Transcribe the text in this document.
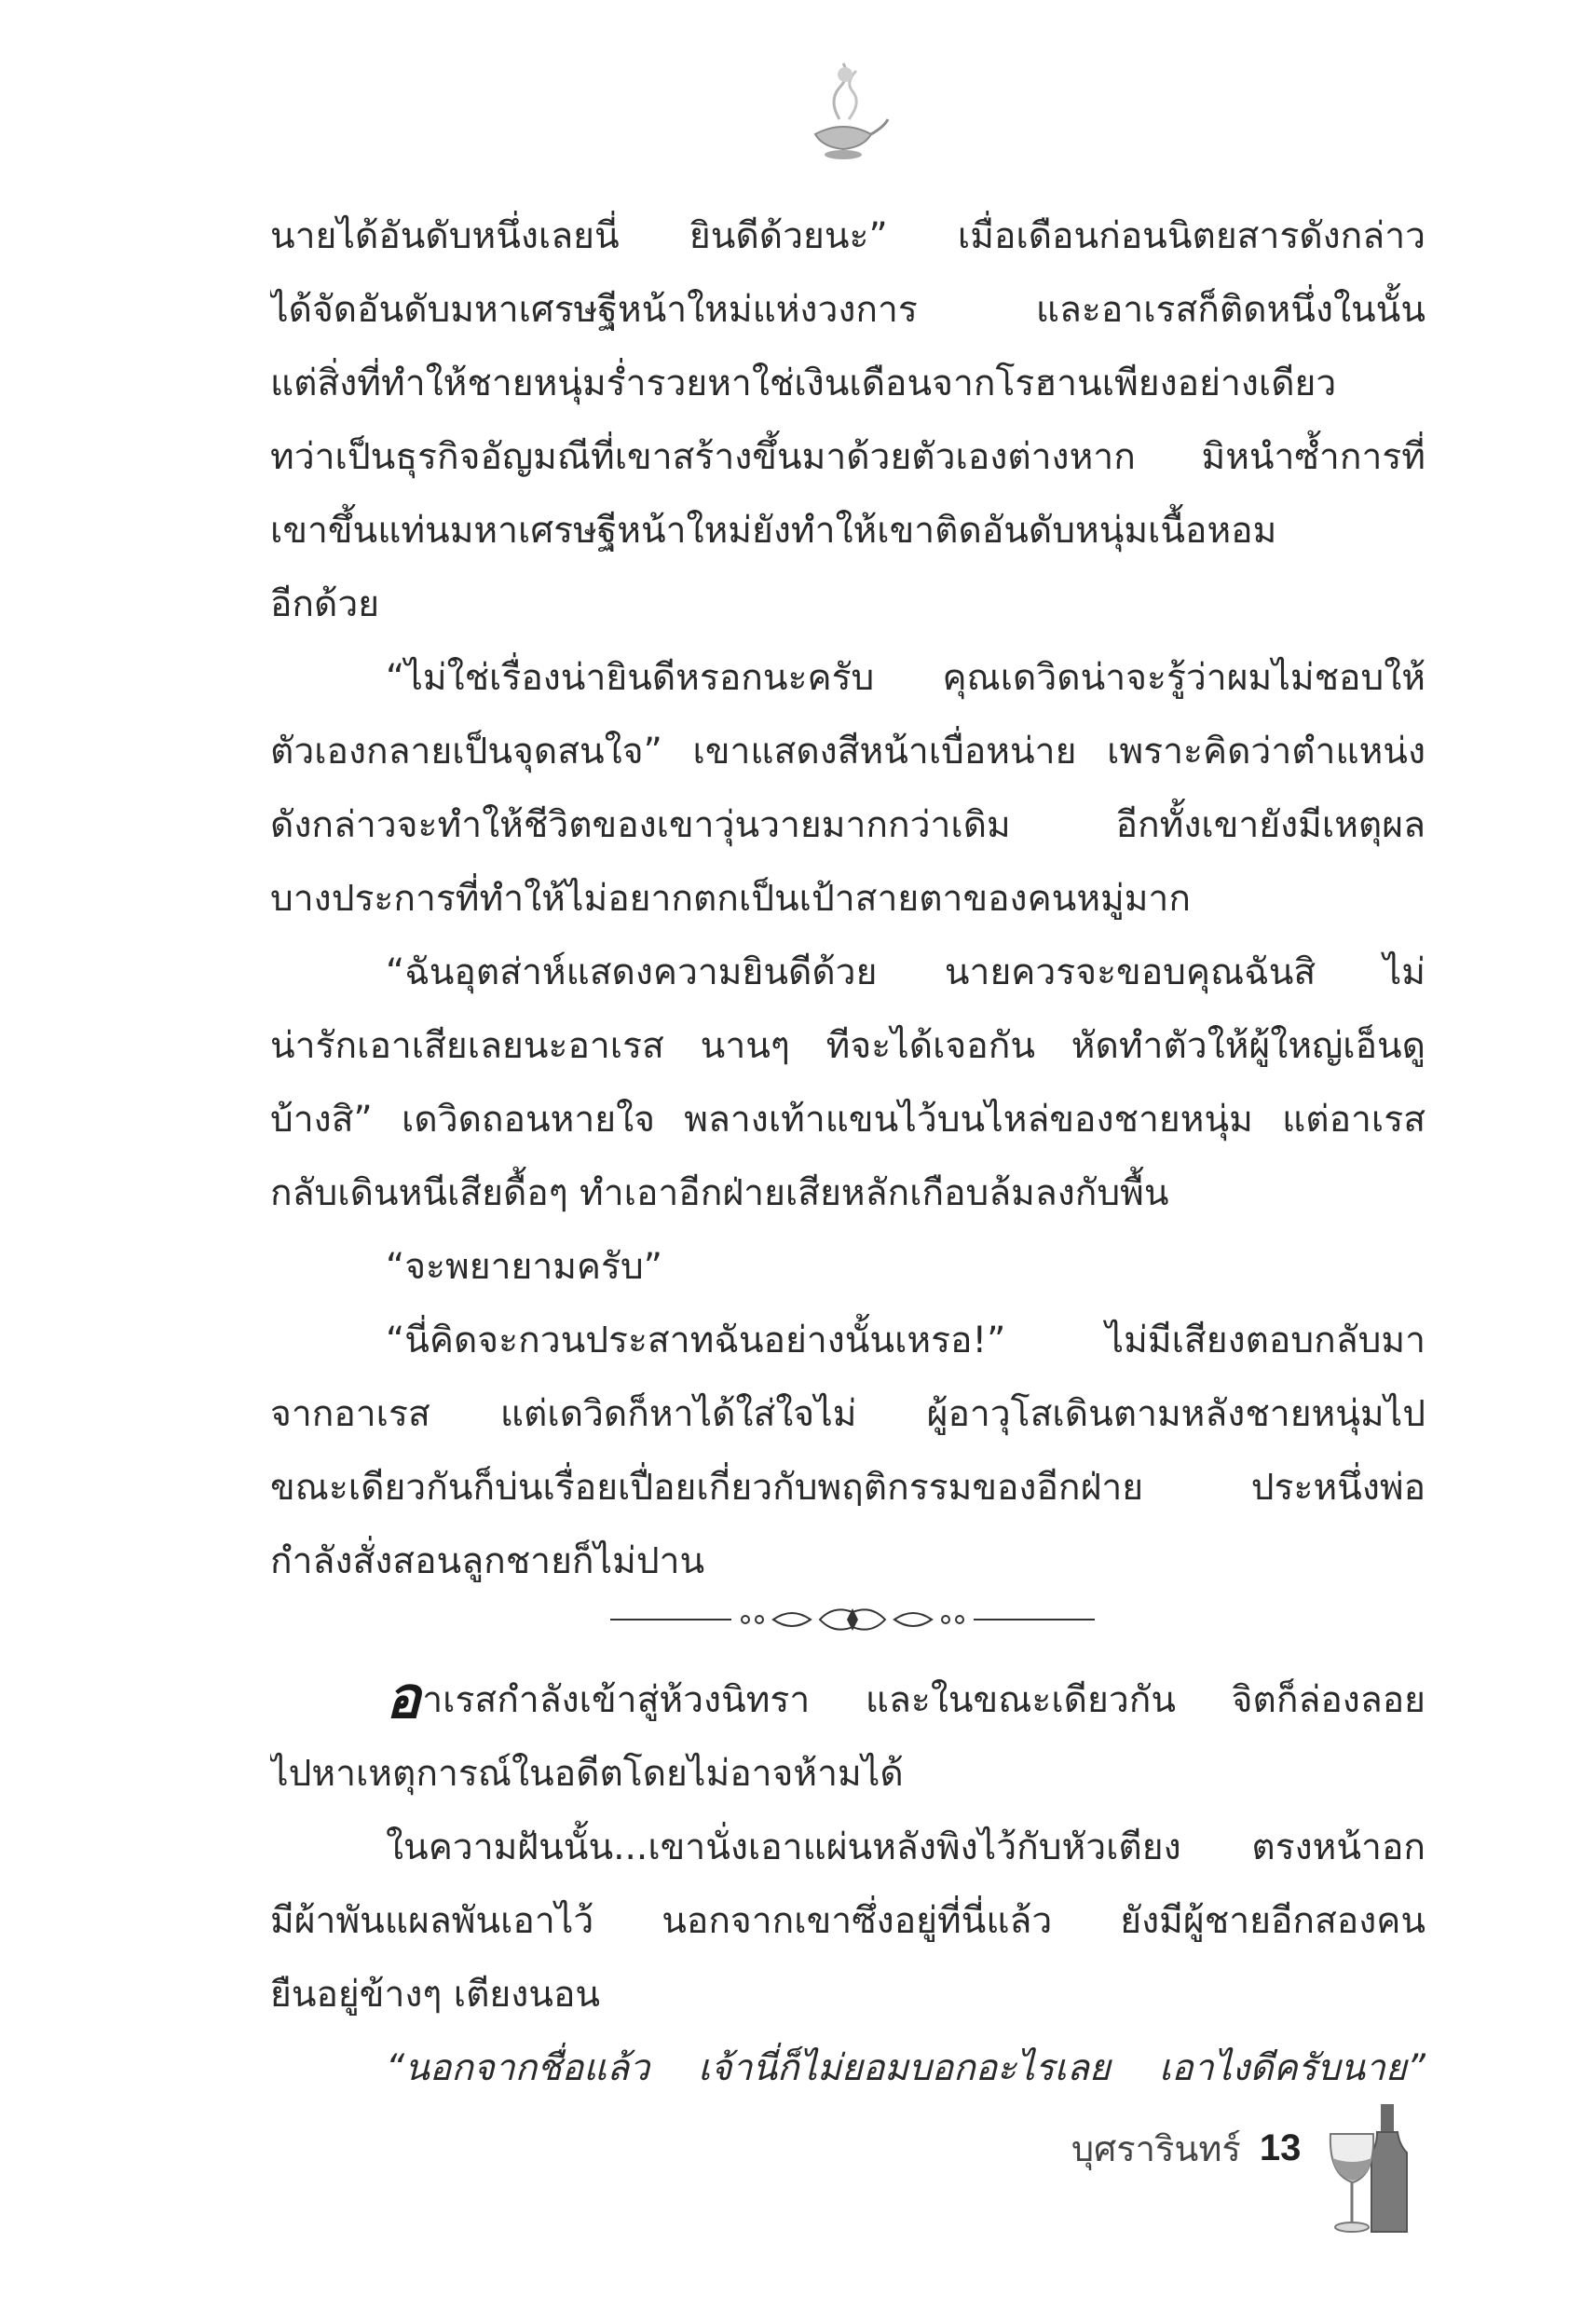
นายได้อันดับหนึ่งเลยนี่ ยินดีด้วยนะ” เมื่อเดือนก่อนนิตยสารดังกล่าว
ได้จัดอันดับมหาเศรษฐีหน้าใหม่แห่งวงการ และอาเรสก็ติดหนึ่งในนั้น
แต่สิ่งที่ทำให้ชายหนุ่มร่ำรวยหาใช่เงินเดือนจากโรฮานเพียงอย่างเดียว
ทว่าเป็นธุรกิจอัญมณีที่เขาสร้างขึ้นมาด้วยตัวเองต่างหาก มิหนำซ้ำการที่
เขาขึ้นแท่นมหาเศรษฐีหน้าใหม่ยังทำให้เขาติดอันดับหนุ่มเนื้อหอม
อีกด้วย
“ไม่ใช่เรื่องน่ายินดีหรอกนะครับ คุณเดวิดน่าจะรู้ว่าผมไม่ชอบให้
ตัวเองกลายเป็นจุดสนใจ” เขาแสดงสีหน้าเบื่อหน่าย เพราะคิดว่าตำแหน่ง
ดังกล่าวจะทำให้ชีวิตของเขาวุ่นวายมากกว่าเดิม อีกทั้งเขายังมีเหตุผล
บางประการที่ทำให้ไม่อยากตกเป็นเป้าสายตาของคนหมู่มาก
“ฉันอุตส่าห์แสดงความยินดีด้วย นายควรจะขอบคุณฉันสิ ไม่
น่ารักเอาเสียเลยนะอาเรส นานๆ ทีจะได้เจอกัน หัดทำตัวให้ผู้ใหญ่เอ็นดู
บ้างสิ” เดวิดถอนหายใจ พลางเท้าแขนไว้บนไหล่ของชายหนุ่ม แต่อาเรส
กลับเดินหนีเสียดื้อๆ ทำเอาอีกฝ่ายเสียหลักเกือบล้มลงกับพื้น
“จะพยายามครับ”
“นี่คิดจะกวนประสาทฉันอย่างนั้นเหรอ!” ไม่มีเสียงตอบกลับมา
จากอาเรส แต่เดวิดก็หาได้ใส่ใจไม่ ผู้อาวุโสเดินตามหลังชายหนุ่มไป
ขณะเดียวกันก็บ่นเรื่อยเปื่อยเกี่ยวกับพฤติกรรมของอีกฝ่าย ประหนึ่งพ่อ
กำลังสั่งสอนลูกชายก็ไม่ปาน
อาเรสกำลังเข้าสู่ห้วงนิทรา และในขณะเดียวกัน จิตก็ล่องลอย
ไปหาเหตุการณ์ในอดีตโดยไม่อาจห้ามได้
ในความฝันนั้น...เขานั่งเอาแผ่นหลังพิงไว้กับหัวเตียง ตรงหน้าอก
มีผ้าพันแผลพันเอาไว้ นอกจากเขาซึ่งอยู่ที่นี่แล้ว ยังมีผู้ชายอีกสองคน
ยืนอยู่ข้างๆ เตียงนอน
“นอกจากชื่อแล้ว เจ้านี่ก็ไม่ยอมบอกอะไรเลย เอาไงดีครับนาย”
บุศรารินทร์ 13
